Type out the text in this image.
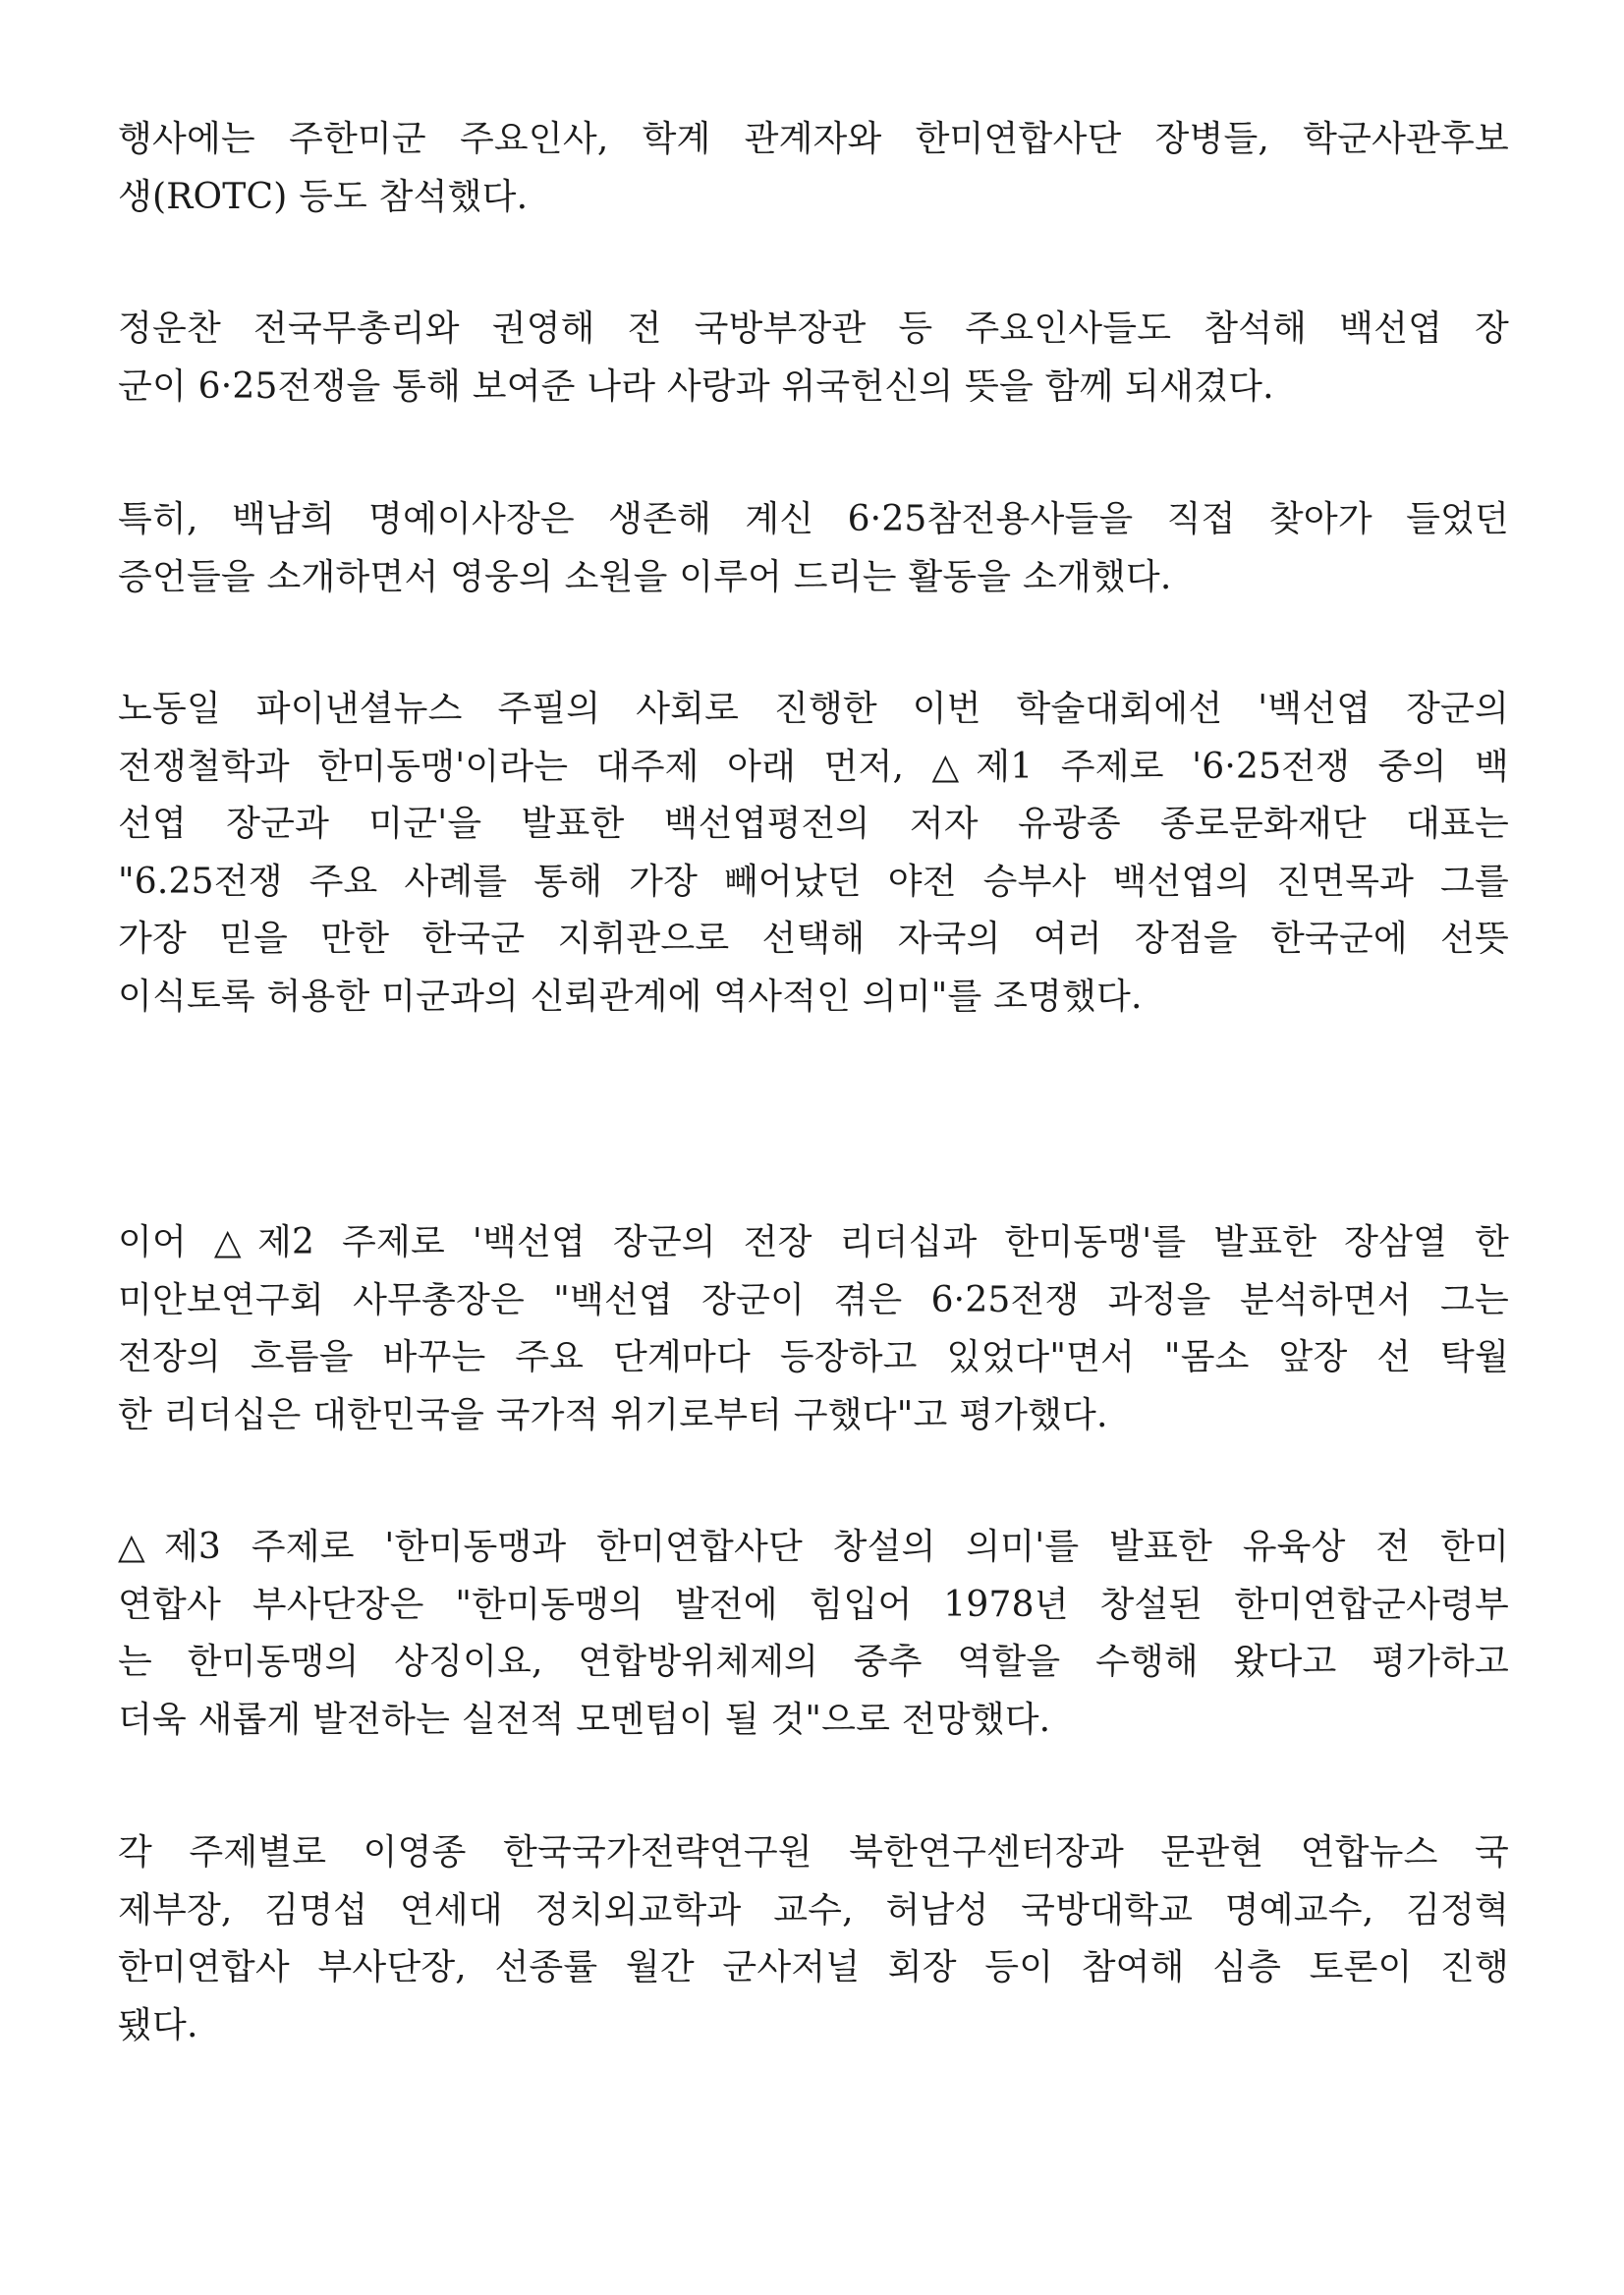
행사에는 주한미군 주요인사, 학계 관계자와 한미연합사단 장병들, 학군사관후보
생(ROTC) 등도 참석했다.

정운찬 전국무총리와 권영해 전 국방부장관 등 주요인사들도 참석해 백선엽 장
군이 6·25전쟁을 통해 보여준 나라 사랑과 위국헌신의 뜻을 함께 되새겼다.

특히, 백남희 명예이사장은 생존해 계신 6·25참전용사들을 직접 찾아가 들었던
증언들을 소개하면서 영웅의 소원을 이루어 드리는 활동을 소개했다.

노동일 파이낸셜뉴스 주필의 사회로 진행한 이번 학술대회에선 '백선엽 장군의
전쟁철학과 한미동맹'이라는 대주제 아래 먼저, △제1 주제로 '6·25전쟁 중의 백
선엽 장군과 미군'을 발표한 백선엽평전의 저자 유광종 종로문화재단 대표는
"6.25전쟁 주요 사례를 통해 가장 빼어났던 야전 승부사 백선엽의 진면목과 그를
가장 믿을 만한 한국군 지휘관으로 선택해 자국의 여러 장점을 한국군에 선뜻
이식토록 허용한 미군과의 신뢰관계에 역사적인 의미"를 조명했다.

이어 △제2 주제로 '백선엽 장군의 전장 리더십과 한미동맹'를 발표한 장삼열 한
미안보연구회 사무총장은 "백선엽 장군이 겪은 6·25전쟁 과정을 분석하면서 그는
전장의 흐름을 바꾸는 주요 단계마다 등장하고 있었다"면서 "몸소 앞장 선 탁월
한 리더십은 대한민국을 국가적 위기로부터 구했다"고 평가했다.

△제3 주제로 '한미동맹과 한미연합사단 창설의 의미'를 발표한 유육상 전 한미
연합사 부사단장은 "한미동맹의 발전에 힘입어 1978년 창설된 한미연합군사령부
는 한미동맹의 상징이요, 연합방위체제의 중추 역할을 수행해 왔다고 평가하고
더욱 새롭게 발전하는 실전적 모멘텀이 될 것"으로 전망했다.

각 주제별로 이영종 한국국가전략연구원 북한연구센터장과 문관현 연합뉴스 국
제부장, 김명섭 연세대 정치외교학과 교수, 허남성 국방대학교 명예교수, 김정혁
한미연합사 부사단장, 선종률 월간 군사저널 회장 등이 참여해 심층 토론이 진행
됐다.
